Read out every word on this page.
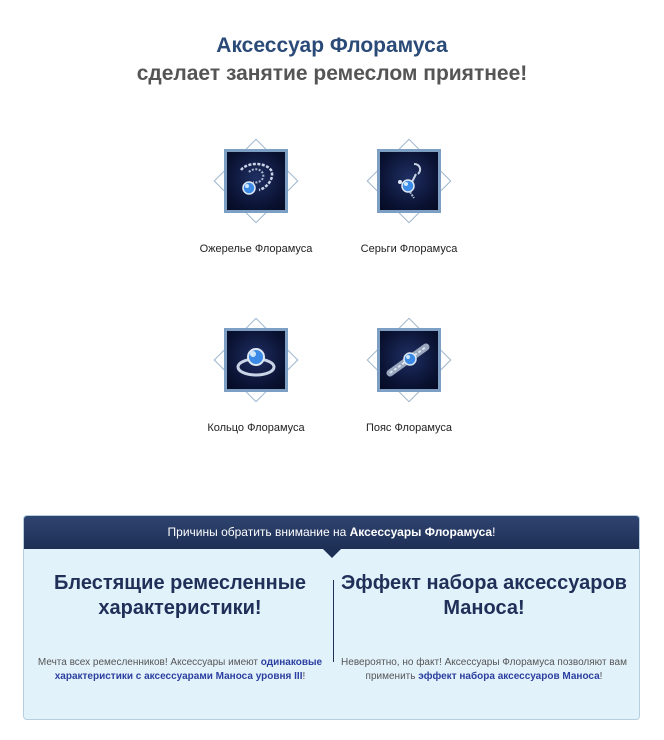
Аксессуар Флорамуса
сделает занятие ремеслом приятнее!
Ожерелье Флорамуса	Серьги Флорамуса
Кольцо Флорамуса	Пояс Флорамуса
Причины обратить внимание на Аксессуары Флорамуса!
Блестящие ремесленные характеристики!
Мечта всех ремесленников! Аксессуары имеют одинаковые характеристики с аксессуарами Маноса уровня III!
Эффект набора аксессуаров Маноса!
Невероятно, но факт! Аксессуары Флорамуса позволяют вам применить эффект набора аксессуаров Маноса!
